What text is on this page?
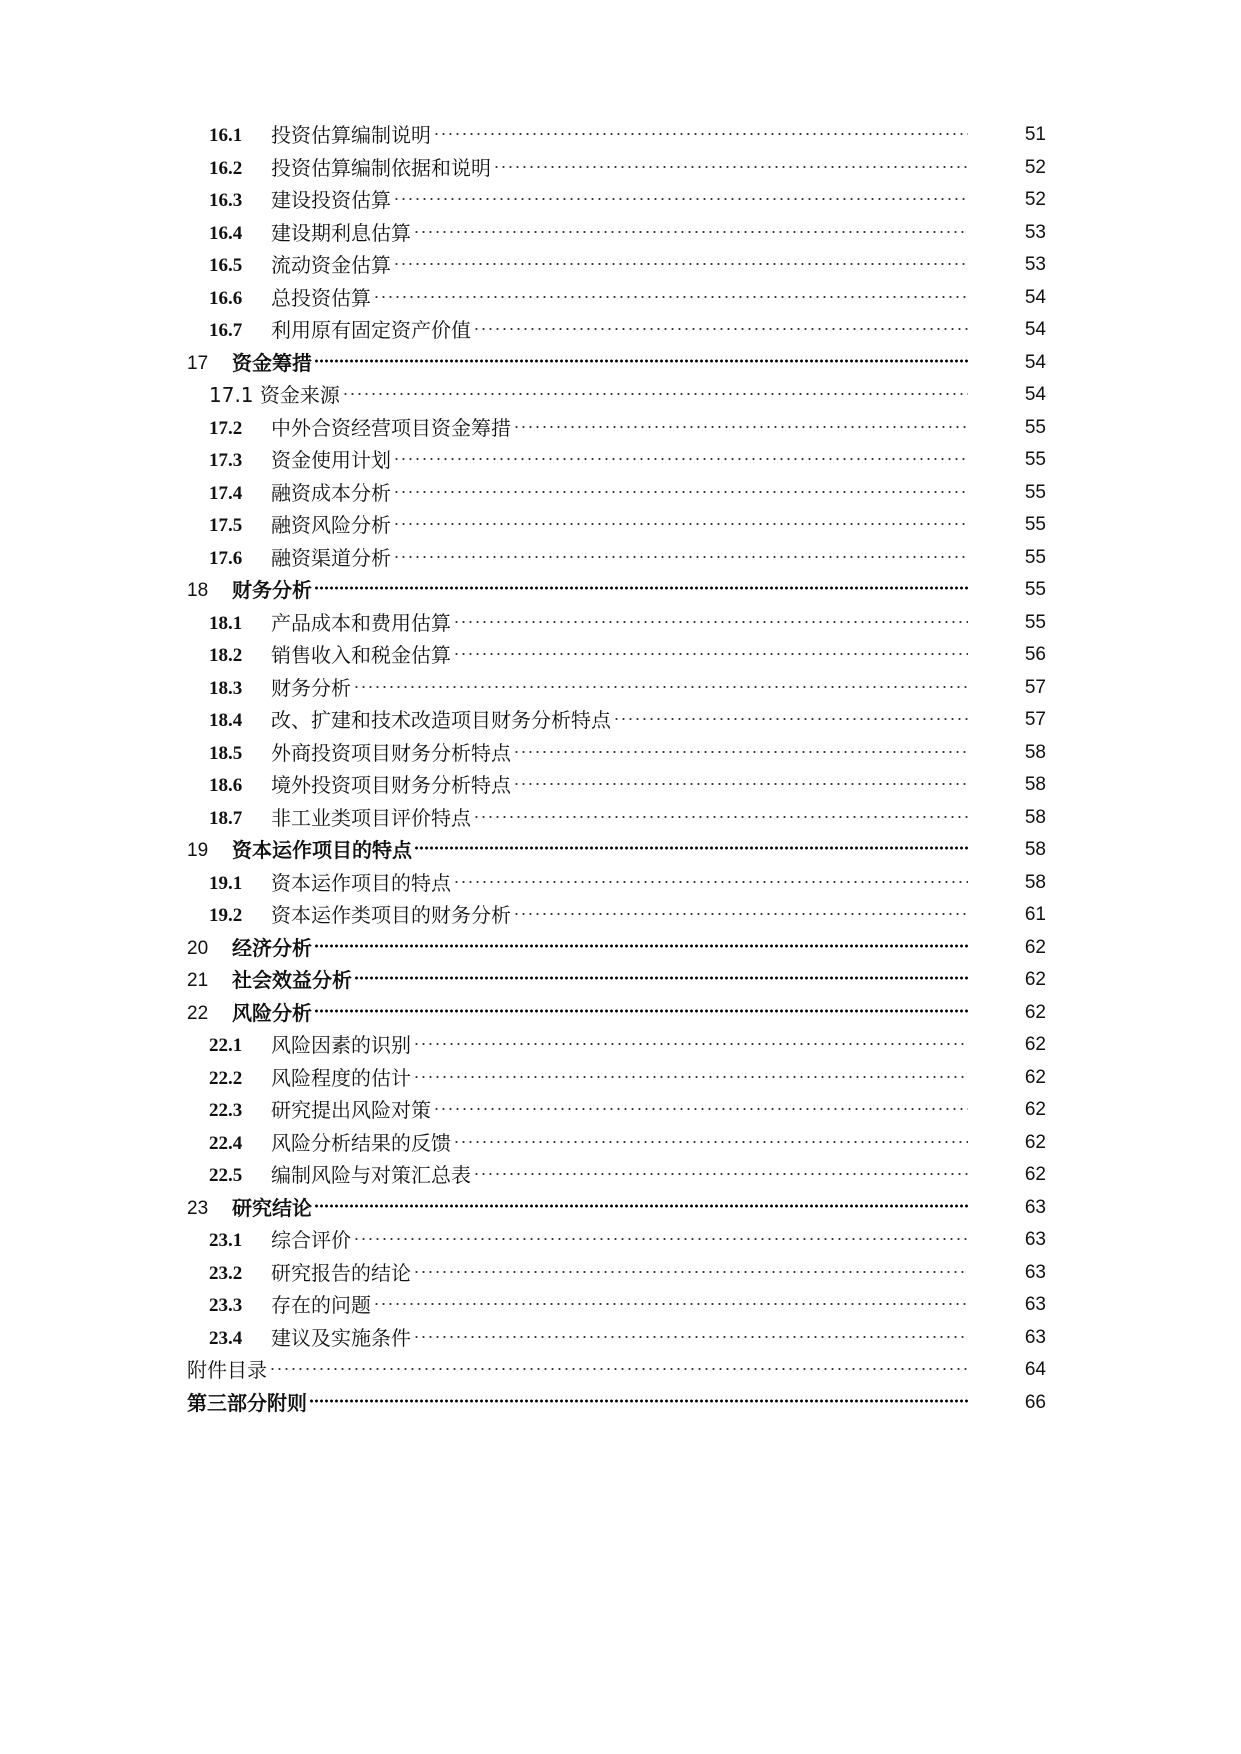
16.1 投资估算编制说明	51
16.2 投资估算编制依据和说明	52
16.3 建设投资估算	52
16.4 建设期利息估算	53
16.5 流动资金估算	53
16.6 总投资估算	54
16.7 利用原有固定资产价值	54
17 资金筹措	54
17.1 资金来源	54
17.2 中外合资经营项目资金筹措	55
17.3 资金使用计划	55
17.4 融资成本分析	55
17.5 融资风险分析	55
17.6 融资渠道分析	55
18 财务分析	55
18.1 产品成本和费用估算	55
18.2 销售收入和税金估算	56
18.3 财务分析	57
18.4 改、扩建和技术改造项目财务分析特点	57
18.5 外商投资项目财务分析特点	58
18.6 境外投资项目财务分析特点	58
18.7 非工业类项目评价特点	58
19 资本运作项目的特点	58
19.1 资本运作项目的特点	58
19.2 资本运作类项目的财务分析	61
20 经济分析	62
21 社会效益分析	62
22 风险分析	62
22.1 风险因素的识别	62
22.2 风险程度的估计	62
22.3 研究提出风险对策	62
22.4 风险分析结果的反馈	62
22.5 编制风险与对策汇总表	62
23 研究结论	63
23.1 综合评价	63
23.2 研究报告的结论	63
23.3 存在的问题	63
23.4 建议及实施条件	63
附件目录	64
第三部分附则	66
